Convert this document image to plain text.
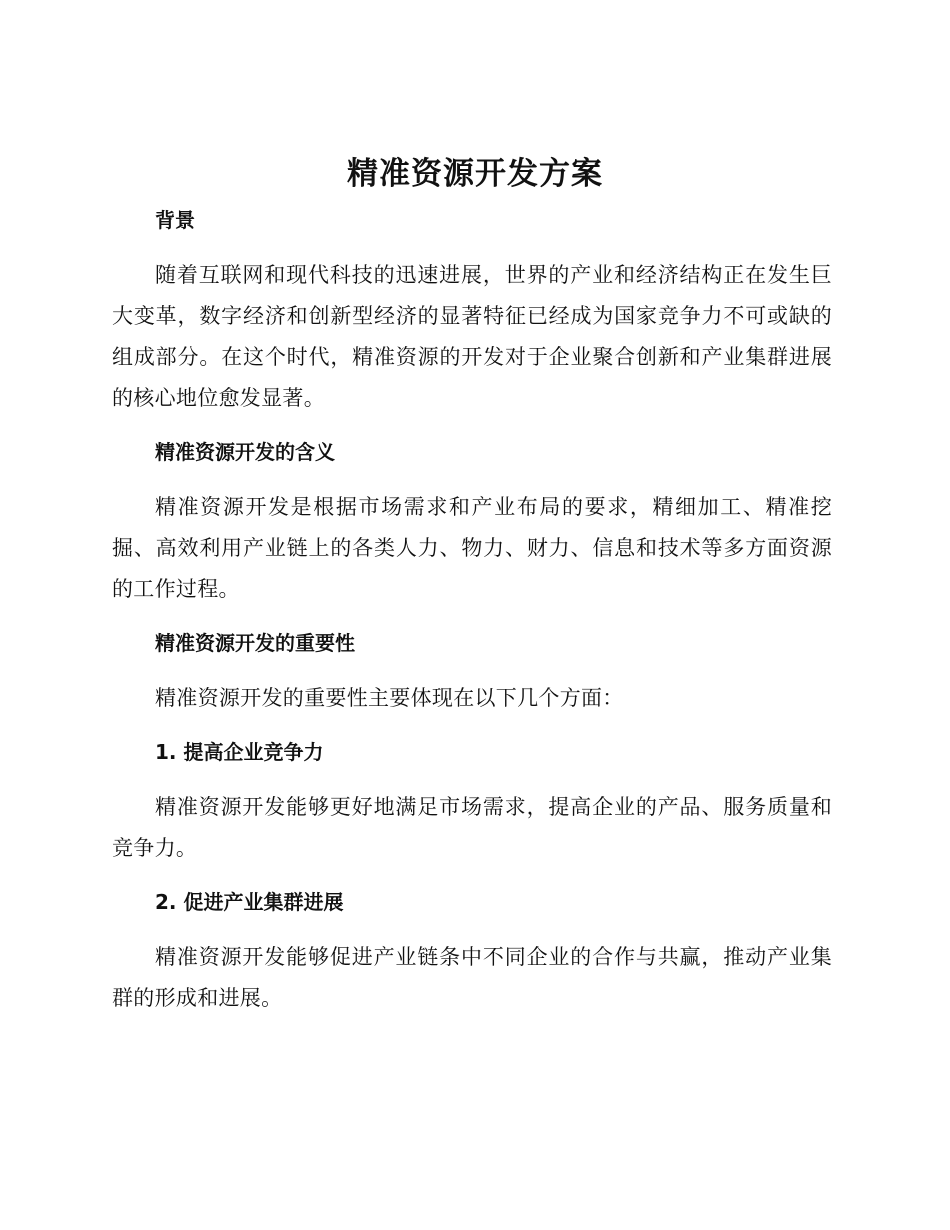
精准资源开发方案
背景

随着互联网和现代科技的迅速进展，世界的产业和经济结构正在发生巨大变革，数字经济和创新型经济的显著特征已经成为国家竞争力不可或缺的组成部分。在这个时代，精准资源的开发对于企业聚合创新和产业集群进展的核心地位愈发显著。

精准资源开发的含义

精准资源开发是根据市场需求和产业布局的要求，精细加工、精准挖掘、高效利用产业链上的各类人力、物力、财力、信息和技术等多方面资源的工作过程。

精准资源开发的重要性

精准资源开发的重要性主要体现在以下几个方面：

1. 提高企业竞争力

精准资源开发能够更好地满足市场需求，提高企业的产品、服务质量和竞争力。

2. 促进产业集群进展

精准资源开发能够促进产业链条中不同企业的合作与共赢，推动产业集群的形成和进展。
